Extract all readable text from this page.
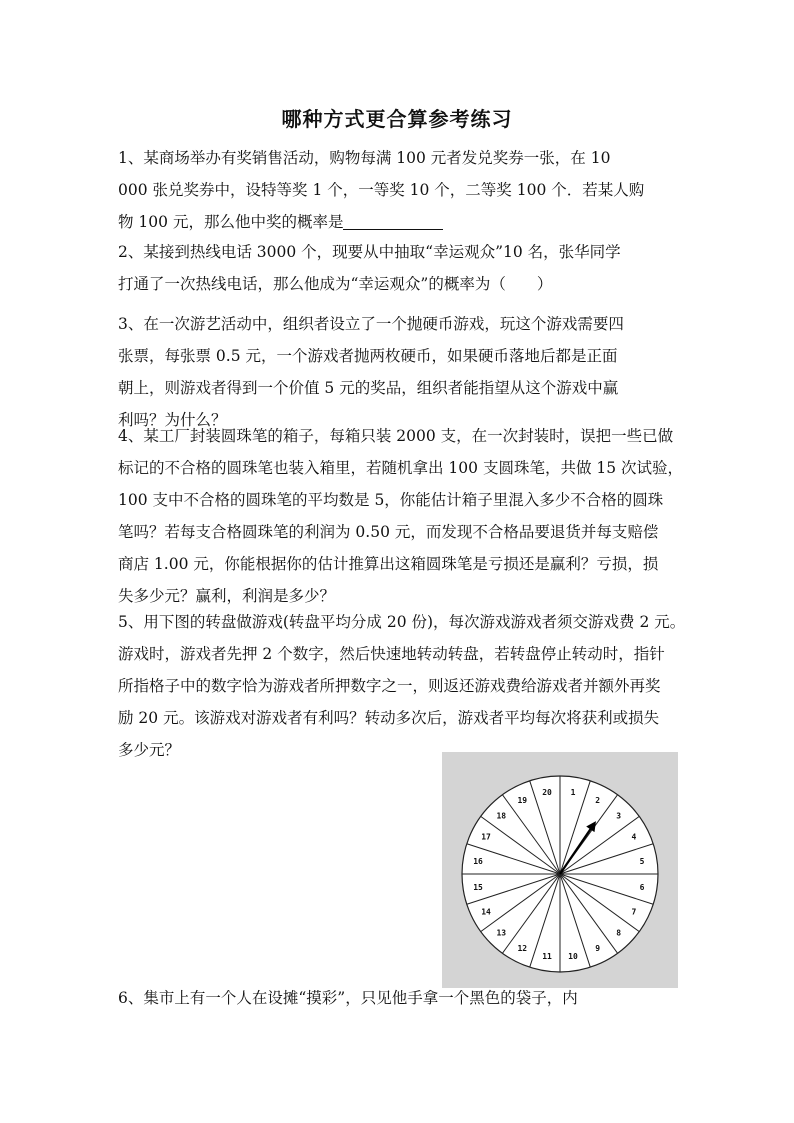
哪种方式更合算参考练习
1、某商场举办有奖销售活动，购物每满 100 元者发兑奖券一张，在 10
000 张兑奖券中，设特等奖 1 个，一等奖 10 个，二等奖 100 个．若某人购
物 100 元，那么他中奖的概率是
2、某接到热线电话 3000 个，现要从中抽取“幸运观众”10 名，张华同学
打通了一次热线电话，那么他成为“幸运观众”的概率为（　　）
3、在一次游艺活动中，组织者设立了一个抛硬币游戏，玩这个游戏需要四
张票，每张票 0.5 元，一个游戏者抛两枚硬币，如果硬币落地后都是正面
朝上，则游戏者得到一个价值 5 元的奖品，组织者能指望从这个游戏中赢
利吗？为什么？
4、某工厂封装圆珠笔的箱子，每箱只装 2000 支，在一次封装时，误把一些已做
标记的不合格的圆珠笔也装入箱里，若随机拿出 100 支圆珠笔，共做 15 次试验，
100 支中不合格的圆珠笔的平均数是 5，你能估计箱子里混入多少不合格的圆珠
笔吗？若每支合格圆珠笔的利润为 0.50 元，而发现不合格品要退货并每支赔偿
商店 1.00 元，你能根据你的估计推算出这箱圆珠笔是亏损还是赢利？亏损，损
失多少元？赢利，利润是多少？
5、用下图的转盘做游戏(转盘平均分成 20 份)，每次游戏游戏者须交游戏费 2 元。
游戏时，游戏者先押 2 个数字，然后快速地转动转盘，若转盘停止转动时，指针
所指格子中的数字恰为游戏者所押数字之一，则返还游戏费给游戏者并额外再奖
励 20 元。该游戏对游戏者有利吗？转动多次后，游戏者平均每次将获利或损失
多少元？
1
2
3
4
5
6
7
8
9
10
11
12
13
14
15
16
17
18
19
20
6、集市上有一个人在设摊“摸彩”，只见他手拿一个黑色的袋子，内
